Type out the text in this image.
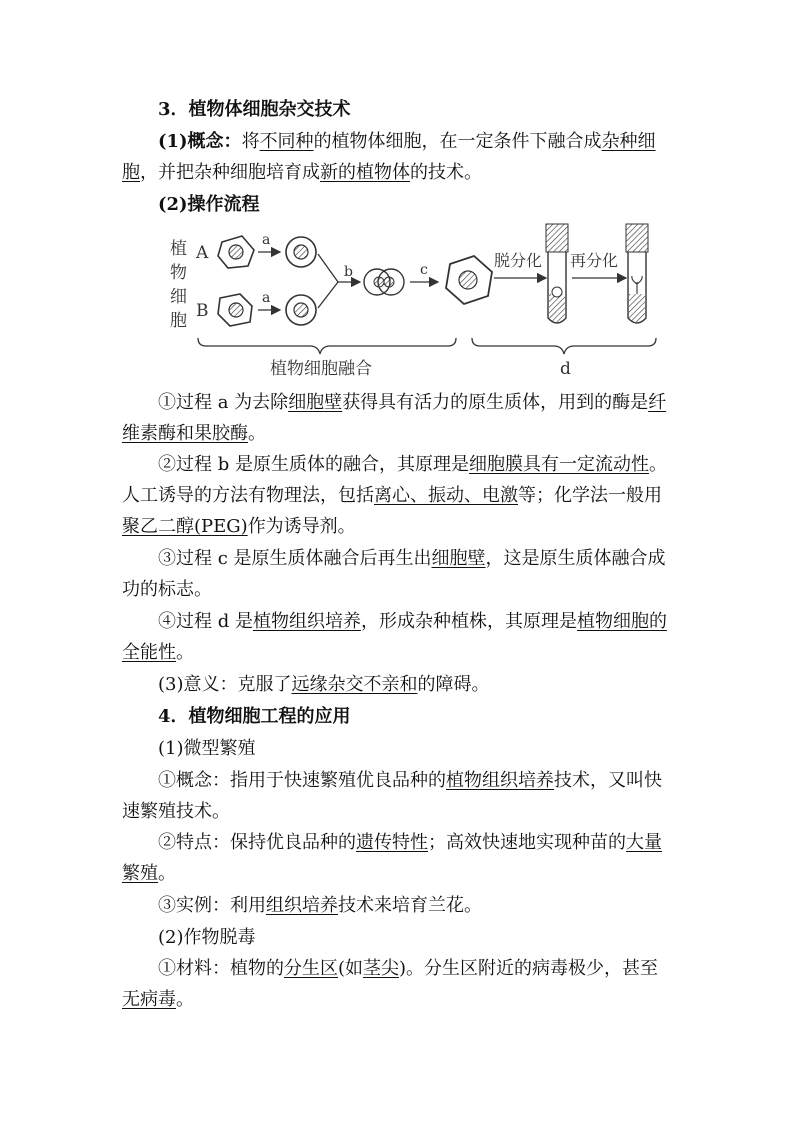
3．植物体细胞杂交技术
(1)概念：将不同种的植物体细胞，在一定条件下融合成杂种细
胞，并把杂种细胞培育成新的植物体的技术。
(2)操作流程
植
物
细
胞
A
a
B
a
b	c	脱分化 再分化
植物细胞融合	d
①过程 a 为去除细胞壁获得具有活力的原生质体，用到的酶是纤
维素酶和果胶酶。
②过程 b 是原生质体的融合，其原理是细胞膜具有一定流动性。
人工诱导的方法有物理法，包括离心、振动、电激等；化学法一般用
聚乙二醇(PEG)作为诱导剂。
③过程 c 是原生质体融合后再生出细胞壁，这是原生质体融合成
功的标志。
④过程 d 是植物组织培养，形成杂种植株，其原理是植物细胞的
全能性。
(3)意义：克服了远缘杂交不亲和的障碍。
4．植物细胞工程的应用
(1)微型繁殖
①概念：指用于快速繁殖优良品种的植物组织培养技术，又叫快
速繁殖技术。
②特点：保持优良品种的遗传特性；高效快速地实现种苗的大量
繁殖。
③实例：利用组织培养技术来培育兰花。
(2)作物脱毒
①材料：植物的分生区(如茎尖)。分生区附近的病毒极少，甚至
无病毒。
